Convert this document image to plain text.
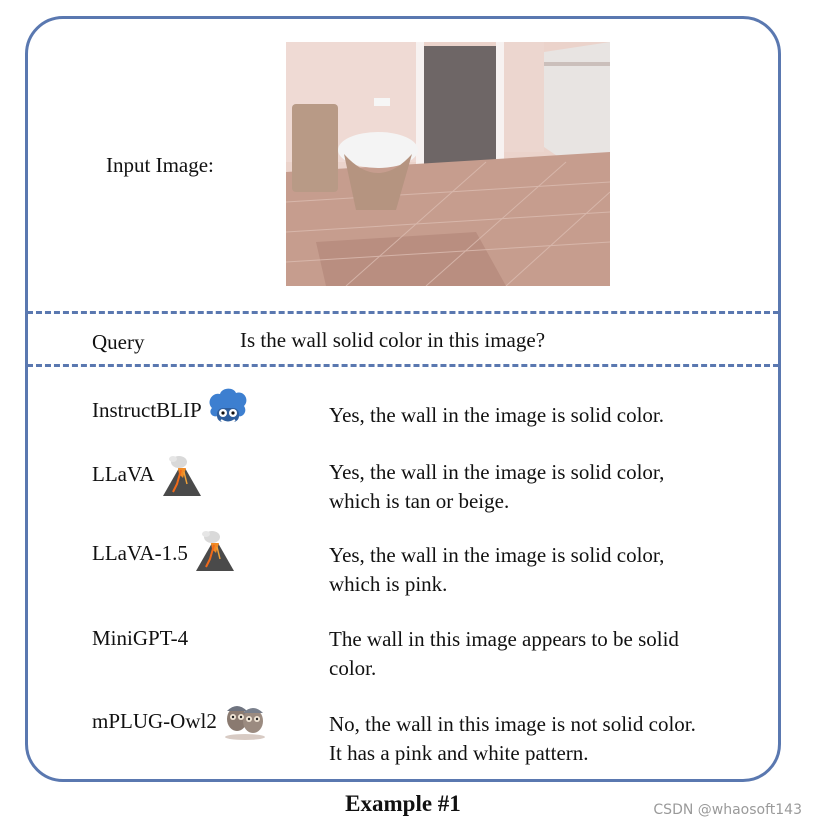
Input Image:
Query	Is the wall solid color in this image?
InstructBLIP	Yes, the wall in the image is solid color.
LLaVA	Yes, the wall in the image is solid color,
which is tan or beige.
LLaVA-1.5	Yes, the wall in the image is solid color,
which is pink.
MiniGPT-4	The wall in this image appears to be solid
color.
mPLUG-Owl2	No, the wall in this image is not solid color.
It has a pink and white pattern.
Example #1	CSDN @whaosoft143
